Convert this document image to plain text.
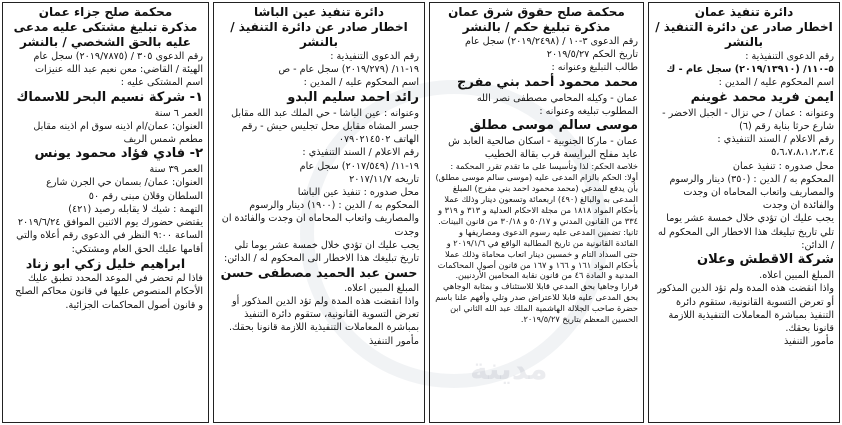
مدينة

دائرة تنفيذ عمان

اخطار صادر عن دائرة التنفيذ / بالنشر

رقم الدعوى التنفيذية :

٥-١١٠/ (٢٠١٩/١٣٩١٠) سجل عام - ك

اسم المحكوم عليه / المدين :

ايمن فريد محمد غوينم

وعنوانه : عمان / حي نزال - الجبل الاخضر - شارع حرثا بناية رقم (٦)

رقم الاعلام / السند التنفيذي :

٥،٦،٧،٨،١،٢،٣،٤

محل صدوره : تنفيذ عمان

المحكوم به / الدين : (٣٥٠) دينار والرسوم والمصاريف واتعاب المحاماه ان وجدت والفائدة ان وجدت

يجب عليك ان تؤدي خلال خمسة عشر يوما تلي تاريخ تبليغك هذا الاخطار الى المحكوم له / الدائن:

شركة الاقطش وعلان

المبلغ المبين اعلاه.

واذا انقضت هذه المدة ولم تؤد الدين المذكور أو تعرض التسوية القانونية، ستقوم دائرة التنفيذ بمباشرة المعاملات التنفيذية اللازمة قانونا بحقك.

مأمور التنفيذ

محكمة صلح حقوق شرق عمان

مذكرة تبليغ حكم / بالنشر

رقم الدعوى ٣-١٠ / (٢٠١٩/٢٤٩٨) سجل عام

تاريخ الحكم ٢٠١٩/٥/٢٧

طالب التبليغ وعنوانه :

محمد محمود أحمد بني مفرج

عمان - وكيله المحامي مصطفى نصر الله

المطلوب تبليغه وعنوانه :

موسى سالم موسى مطلق

عمان - ماركا الجنوبية - اسكان صالحية العابد ش عايد مفلح البرايسة قرب بقالة الخطيب

خلاصة الحكم: لذا وتأسيسا على ما تقدم تقرر المحكمة : أولا: الحكم بالزام المدعى عليه (موسى سالم موسى مطلق) بأن يدفع للمدعي (محمد محمود احمد بني مفرج) المبلغ المدعى به والبالغ (٤٩٠) اربعمائة وتسعون دينار وذلك عملا بأحكام المواد ١٨١٨ من مجلة الاحكام العدلية و ٣١٣ و ٣١٩ و ٣٣٤ من القانون المدني و ٥٠/١٧ و ٣٠/١٨ من قانون البينات.

ثانيا: تضمين المدعى عليه رسوم الدعوى ومصاريفها و الفائدة القانونية من تاريخ المطالبة الواقع في ٢٠١٩/١/٦ و حتى السداد التام و خمسين دينار اتعاب محاماة وذلك عملا بأحكام المواد ١٦١ و ١٦٦ و ١٦٧ من قانون أصول المحاكمات المدنية و المادة ٤٦ من قانون نقابة المحامين الأردنيين.

قرارا وجاهيا بحق المدعي قابلا للاستئناف و بمثابة الوجاهي بحق المدعى عليه قابلا للاعتراض صدر وتلي وأفهم علنا باسم حضرة صاحب الجلالة الهاشمية الملك عبد الله الثاني ابن الحسين المعظم بتاريخ ٢٠١٩/٥/٢٧.

دائرة تنفيذ عين الباشا

اخطار صادر عن دائرة التنفيذ / بالنشر

رقم الدعوى التنفيذية :

١٩-١١/ (٢٠١٩/٢٧٩) سجل عام - ص

اسم المحكوم عليه / المدين :

رائد احمد سليم البدو

وعنوانه : عين الباشا - حي الملك عبد الله مقابل جسر المشاه مقابل محل تجليس حيش - رقم الهاتف ٠٧٩٠٢١٤٥٠٢

رقم الاعلام / السند التنفيذي :

١٩-١١/ (٢٠١٧/٥٤٩) سجل عام

تاريخه ٢٠١٧/١١/٧

محل صدوره : تنفيذ عين الباشا

المحكوم به / الدين : (١٩٠٠) دينار والرسوم والمصاريف واتعاب المحاماه ان وجدت والفائدة ان وجدت

يجب عليك ان تؤدي خلال خمسة عشر يوما تلي تاريخ تبليغك هذا الاخطار الى المحكوم له / الدائن:

حسن عبد الحميد مصطفى حسن

المبلغ المبين اعلاه.

واذا انقضت هذه المدة ولم تؤد الدين المذكور أو تعرض التسوية القانونية، ستقوم دائرة التنفيذ بمباشرة المعاملات التنفيذية اللازمة قانونا بحقك.

مأمور التنفيذ

محكمة صلح جزاء عمان

مذكرة تبليغ مشتكى عليه مدعى عليه بالحق الشخصي / بالنشر

رقم الدعوى ٣٠٥ / (٢٠١٩/٧٨٧٥) سجل عام

الهيئة / القاضي: معن نعيم عبد الله عنيزات

اسم المشتكى عليه :

١- شركة نسيم البحر للاسماك

العمر ٦ سنة

العنوان: عمان/ام اذينه سوق ام اذينه مقابل مطعم شمس الريف

٢- فادي فؤاد محمود يونس

العمر ٣٩ سنة

العنوان: عمان/ بسمان حي الجرن شارع السلطان وقلان مبنى رقم ٥٠

التهمة : شيك لا يقابله رصيد (٤٢١)

يقتضي حضورك يوم الاثنين الموافق ٢٠١٩/٦/٢٤ الساعة ٩:٠٠ النظر في الدعوى رقم أعلاه والتي أقامها عليك الحق العام ومشتكي:

ابراهيم خليل زكي ابو زناد

فاذا لم تحضر في الموعد المحدد تطبق عليك الأحكام المنصوص عليها في قانون محاكم الصلح و قانون أصول المحاكمات الجزائية.
